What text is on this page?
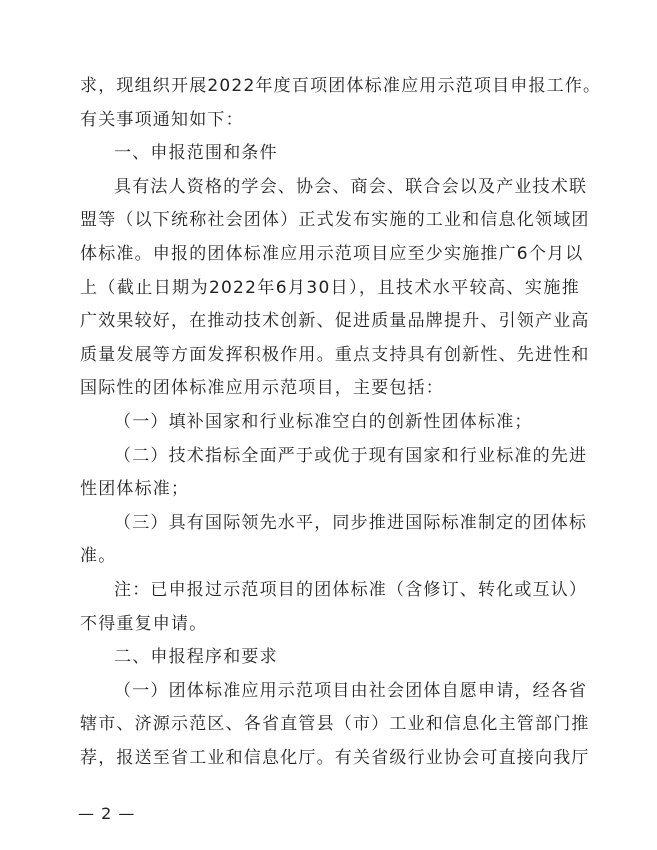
求，现组织开展2022年度百项团体标准应用示范项目申报工作。
有关事项通知如下：
一、申报范围和条件
具有法人资格的学会、协会、商会、联合会以及产业技术联
盟等（以下统称社会团体）正式发布实施的工业和信息化领域团
体标准。申报的团体标准应用示范项目应至少实施推广6个月以
上（截止日期为2022年6月30日），且技术水平较高、实施推
广效果较好，在推动技术创新、促进质量品牌提升、引领产业高
质量发展等方面发挥积极作用。重点支持具有创新性、先进性和
国际性的团体标准应用示范项目，主要包括：
（一）填补国家和行业标准空白的创新性团体标准；
（二）技术指标全面严于或优于现有国家和行业标准的先进
性团体标准；
（三）具有国际领先水平，同步推进国际标准制定的团体标
准。
注：已申报过示范项目的团体标准（含修订、转化或互认）
不得重复申请。
二、申报程序和要求
（一）团体标准应用示范项目由社会团体自愿申请，经各省
辖市、济源示范区、各省直管县（市）工业和信息化主管部门推
荐，报送至省工业和信息化厅。有关省级行业协会可直接向我厅
— 2 —
